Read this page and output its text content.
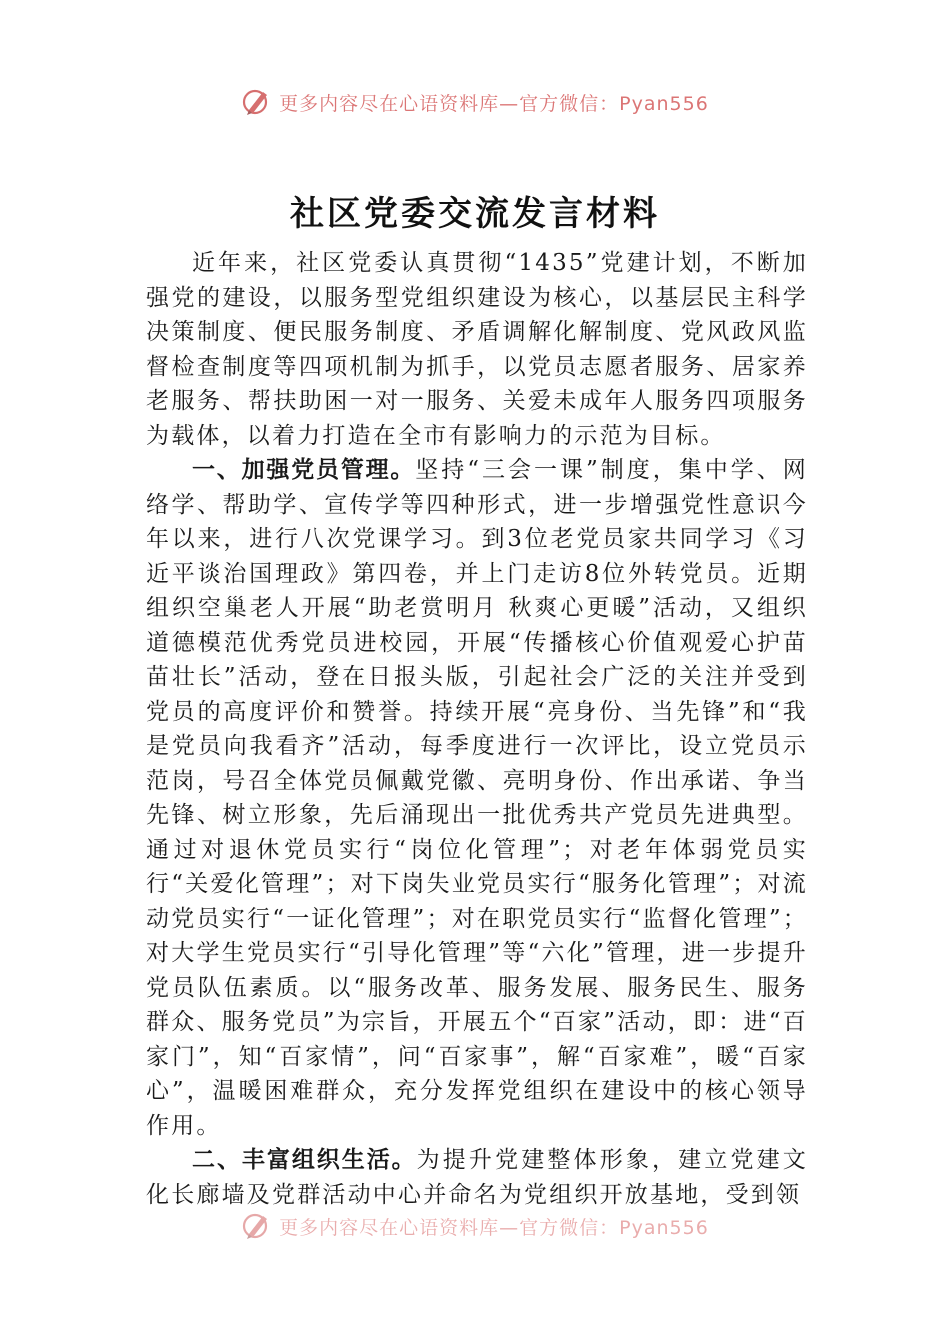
更多内容尽在心语资料库—官方微信：Pyan556
社区党委交流发言材料

近年来，社区党委认真贯彻“1435”党建计划，不断加强党的建设，以服务型党组织建设为核心，以基层民主科学决策制度、便民服务制度、矛盾调解化解制度、党风政风监督检查制度等四项机制为抓手，以党员志愿者服务、居家养老服务、帮扶助困一对一服务、关爱未成年人服务四项服务为载体，以着力打造在全市有影响力的示范为目标。

一、加强党员管理。坚持“三会一课”制度，集中学、网络学、帮助学、宣传学等四种形式，进一步增强党性意识今年以来，进行八次党课学习。到3位老党员家共同学习《习近平谈治国理政》第四卷，并上门走访8位外转党员。近期组织空巢老人开展“助老赏明月 秋爽心更暖”活动，又组织道德模范优秀党员进校园，开展“传播核心价值观爱心护苗苗壮长”活动，登在日报头版，引起社会广泛的关注并受到党员的高度评价和赞誉。持续开展“亮身份、当先锋”和“我是党员向我看齐”活动，每季度进行一次评比，设立党员示范岗，号召全体党员佩戴党徽、亮明身份、作出承诺、争当先锋、树立形象，先后涌现出一批优秀共产党员先进典型。通过对退休党员实行“岗位化管理”；对老年体弱党员实行“关爱化管理”；对下岗失业党员实行“服务化管理”；对流动党员实行“一证化管理”；对在职党员实行“监督化管理”；对大学生党员实行“引导化管理”等“六化”管理，进一步提升党员队伍素质。以“服务改革、服务发展、服务民生、服务群众、服务党员”为宗旨，开展五个“百家”活动，即：进“百家门”，知“百家情”，问“百家事”，解“百家难”，暖“百家心”，温暖困难群众，充分发挥党组织在建设中的核心领导作用。

二、丰富组织生活。为提升党建整体形象，建立党建文化长廊墙及党群活动中心并命名为党组织开放基地，受到领

更多内容尽在心语资料库—官方微信：Pyan556
